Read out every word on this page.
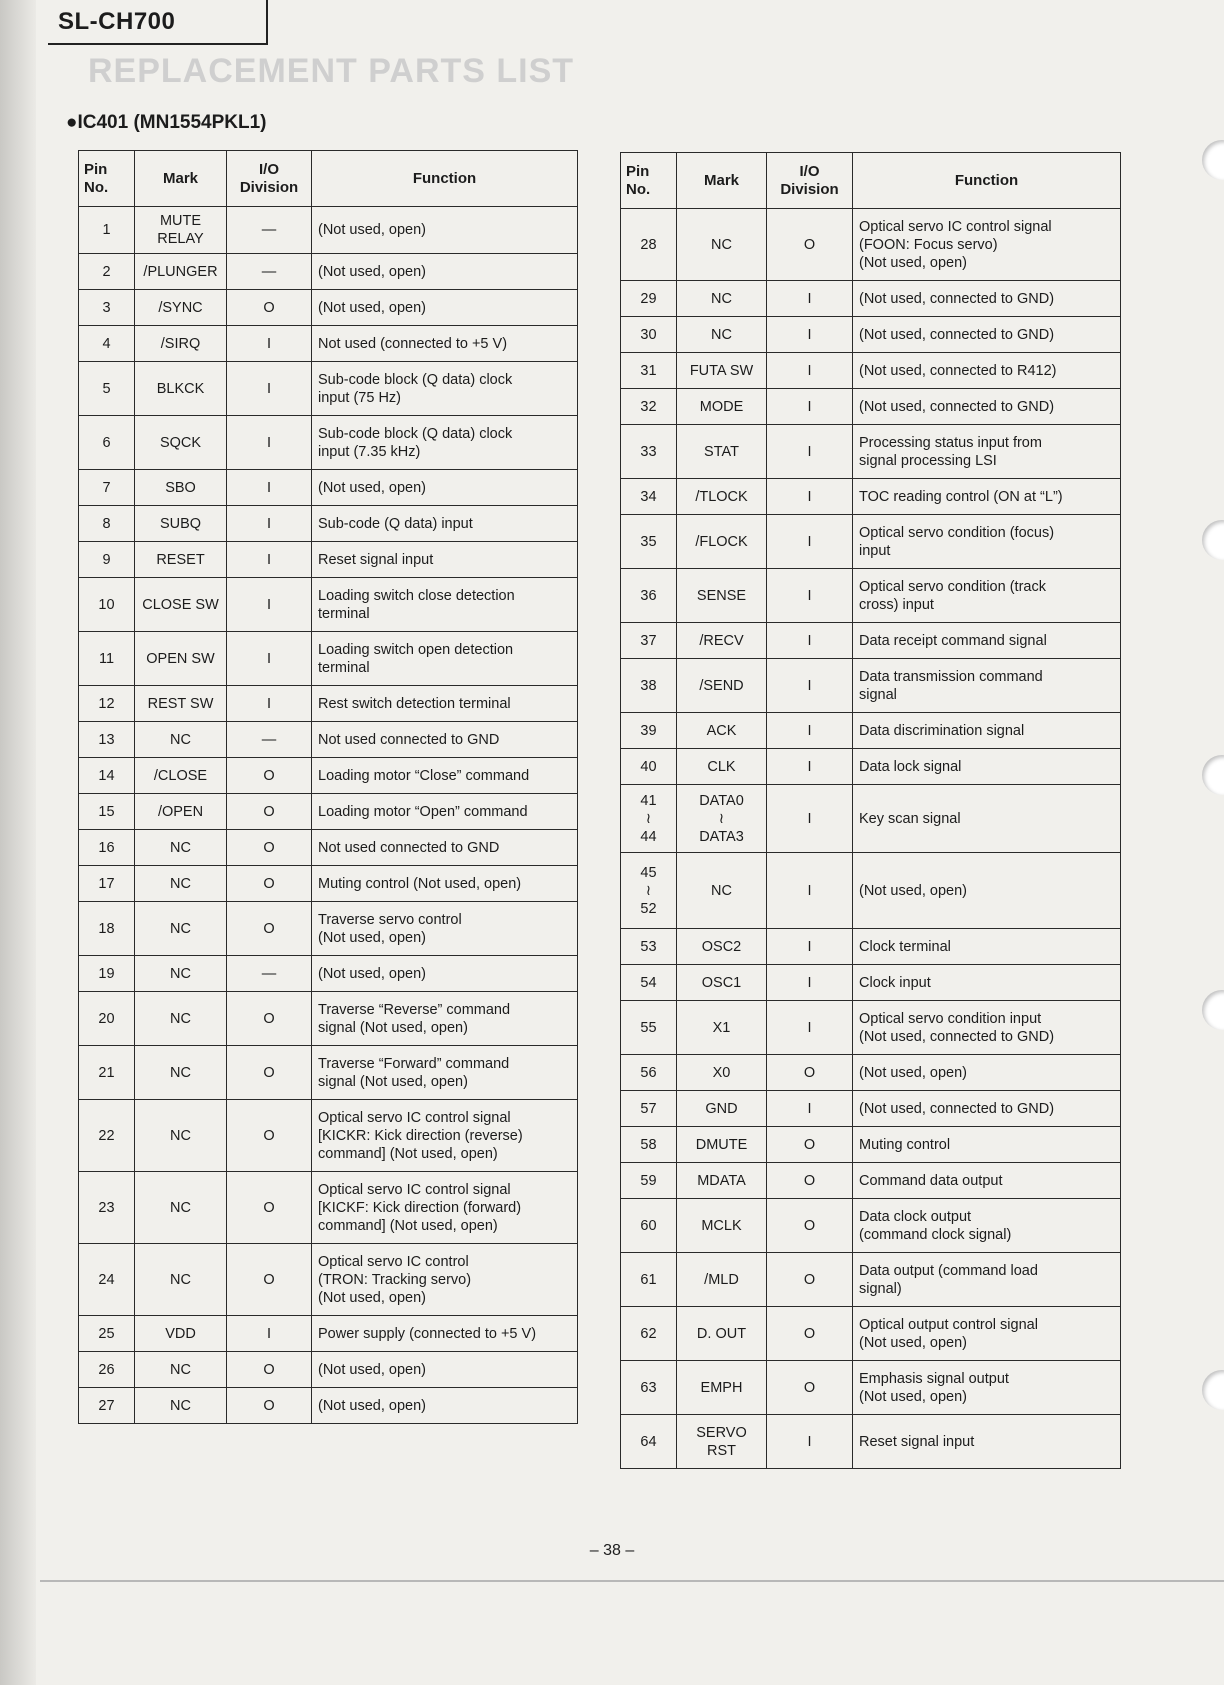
SL-CH700
REPLACEMENT PARTS LIST
●IC401 (MN1554PKL1)
Pin
No.	Mark	I/O
Division	Function
1	MUTE
RELAY	—	(Not used, open)
2	/PLUNGER	—	(Not used, open)
3	/SYNC	O	(Not used, open)
4	/SIRQ	I	Not used (connected to +5 V)
5	BLKCK	I	Sub-code block (Q data) clock
input (75 Hz)
6	SQCK	I	Sub-code block (Q data) clock
input (7.35 kHz)
7	SBO	I	(Not used, open)
8	SUBQ	I	Sub-code (Q data) input
9	RESET	I	Reset signal input
10	CLOSE SW	I	Loading switch close detection
terminal
11	OPEN SW	I	Loading switch open detection
terminal
12	REST SW	I	Rest switch detection terminal
13	NC	—	Not used connected to GND
14	/CLOSE	O	Loading motor “Close” command
15	/OPEN	O	Loading motor “Open” command
16	NC	O	Not used connected to GND
17	NC	O	Muting control (Not used, open)
18	NC	O	Traverse servo control
(Not used, open)
19	NC	—	(Not used, open)
20	NC	O	Traverse “Reverse” command
signal (Not used, open)
21	NC	O	Traverse “Forward” command
signal (Not used, open)
22	NC	O	Optical servo IC control signal
[KICKR: Kick direction (reverse)
command] (Not used, open)
23	NC	O	Optical servo IC control signal
[KICKF: Kick direction (forward)
command] (Not used, open)
24	NC	O	Optical servo IC control
(TRON: Tracking servo)
(Not used, open)
25	VDD	I	Power supply (connected to +5 V)
26	NC	O	(Not used, open)
27	NC	O	(Not used, open)
Pin
No.	Mark	I/O
Division	Function
28	NC	O	Optical servo IC control signal
(FOON: Focus servo)
(Not used, open)
29	NC	I	(Not used, connected to GND)
30	NC	I	(Not used, connected to GND)
31	FUTA SW	I	(Not used, connected to R412)
32	MODE	I	(Not used, connected to GND)
33	STAT	I	Processing status input from
signal processing LSI
34	/TLOCK	I	TOC reading control (ON at “L”)
35	/FLOCK	I	Optical servo condition (focus)
input
36	SENSE	I	Optical servo condition (track
cross) input
37	/RECV	I	Data receipt command signal
38	/SEND	I	Data transmission command
signal
39	ACK	I	Data discrimination signal
40	CLK	I	Data lock signal
41
≀
44	DATA0
≀
DATA3	I	Key scan signal
45
≀
52	NC	I	(Not used, open)
53	OSC2	I	Clock terminal
54	OSC1	I	Clock input
55	X1	I	Optical servo condition input
(Not used, connected to GND)
56	X0	O	(Not used, open)
57	GND	I	(Not used, connected to GND)
58	DMUTE	O	Muting control
59	MDATA	O	Command data output
60	MCLK	O	Data clock output
(command clock signal)
61	/MLD	O	Data output (command load
signal)
62	D. OUT	O	Optical output control signal
(Not used, open)
63	EMPH	O	Emphasis signal output
(Not used, open)
64	SERVO
RST	I	Reset signal input
– 38 –
